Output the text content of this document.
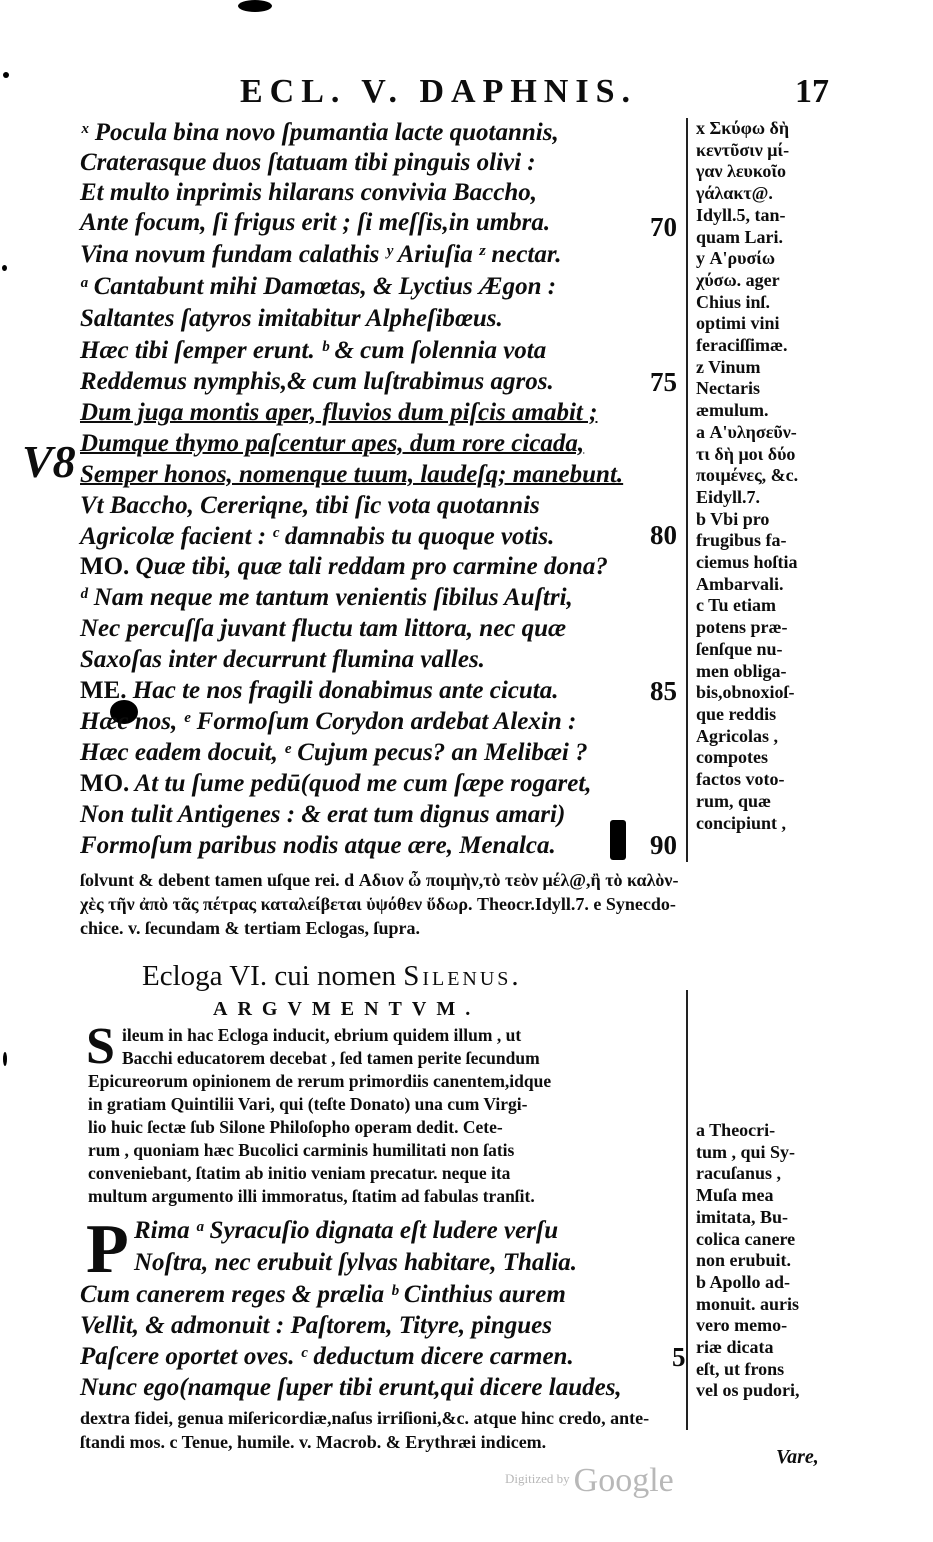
ECL. V. DAPHNIS.	17
V8
ˣ Pocula bina novo ſpumantia lacte quotannis,
Craterasque duos ſtatuam tibi pinguis olivi :
Et multo inprimis hilarans convivia Baccho,
Ante focum, ſi frigus erit ; ſi meſſis,in umbra.
Vina novum fundam calathis ʸ Ariuſia ᶻ nectar.
ᵃ Cantabunt mihi Damœtas, & Lyctius Ægon :
Saltantes ſatyros imitabitur Alpheſibœus.
Hæc tibi ſemper erunt. ᵇ & cum ſolennia vota
Reddemus nymphis,& cum luſtrabimus agros.
Dum juga montis aper, fluvios dum piſcis amabit ;
Dumque thymo paſcentur apes, dum rore cicada,
Semper honos, nomenque tuum, laudeſq; manebunt.
Vt Baccho, Cereriqne, tibi ſic vota quotannis
Agricolæ facient : ᶜ damnabis tu quoque votis.
MO. Quæ tibi, quæ tali reddam pro carmine dona?
ᵈ Nam neque me tantum venientis ſibilus Auſtri,
Nec percuſſa juvant fluctu tam littora, nec quæ
Saxoſas inter decurrunt flumina valles.
ME. Hac te nos fragili donabimus ante cicuta.
Hæc nos, ᵉ Formoſum Corydon ardebat Alexin :
Hæc eadem docuit, ᵉ Cujum pecus? an Melibæi ?
MO. At tu ſume pedū(quod me cum ſæpe rogaret,
Non tulit Antigenes : & erat tum dignus amari)
Formoſum paribus nodis atque ære, Menalca.
70
75
80
85
90
x Σκύφω δὴ
κεντῦσιν μί-
γαν λευκοῖο
γάλακτ@.
Idyll.5, tan-
quam Lari.
y Α'ρυσίω
χύσω. ager
Chius inſ.
optimi vini
feraciſſimæ.
z Vinum
Nectaris
æmulum.
a Α'υλησεῦν-
τι δὴ μοι δύο
ποιμένες, &c.
Eidyll.7.
b Vbi pro
frugibus fa-
ciemus hoſtia
Ambarvali.
c Tu etiam
potens præ-
ſenſque nu-
men obliga-
bis,obnoxioſ-
que reddis
Agricolas ,
compotes
factos voto-
rum, quæ
concipiunt ,
ſolvunt & debent tamen uſque rei. d Αδιον ὦ ποιμὴν,τὸ τεὸν μέλ@,ἢ τὸ καλὸν-
χὲς τῆν ἀπὸ τᾶς πέτρας καταλείβεται ὑψόθεν ὕδωρ. Theocr.Idyll.7. e Synecdo-
chice. v. ſecundam & tertiam Eclogas, ſupra.
Ecloga VI. cui nomen Silenus.
ARGVMENTVM.
S ileum in hac Ecloga inducit, ebrium quidem illum , ut
Bacchi educatorem decebat , ſed tamen perite ſecundum
Epicureorum opinionem de rerum primordiis canentem,idque
in gratiam Quintilii Vari, qui (teſte Donato) una cum Virgi-
lio huic ſectæ ſub Silone Philoſopho operam dedit. Cete-
rum , quoniam hæc Bucolici carminis humilitati non ſatis
conveniebant, ſtatim ab initio veniam precatur. neque ita
multum argumento illi immoratus, ſtatim ad fabulas tranſit.
P Rima ᵃ Syracuſio dignata eſt ludere verſu
Noſtra, nec erubuit ſylvas habitare, Thalia.
Cum canerem reges & prælia ᵇ Cinthius aurem
Vellit, & admonuit : Paſtorem, Tityre, pingues
Paſcere oportet oves. ᶜ deductum dicere carmen.
Nunc ego(namque ſuper tibi erunt,qui dicere laudes,
5
a Theocri-
tum , qui Sy-
racuſanus ,
Muſa mea
imitata, Bu-
colica canere
non erubuit.
b Apollo ad-
monuit. auris
vero memo-
riæ dicata
eſt, ut frons
vel os pudori,
dextra fidei, genua miſericordiæ,naſus irriſioni,&c. atque hinc credo, ante-
ſtandi mos. c Tenue, humile. v. Macrob. & Erythræi indicem.
Vare,
$^{Digitized by}$ Google
